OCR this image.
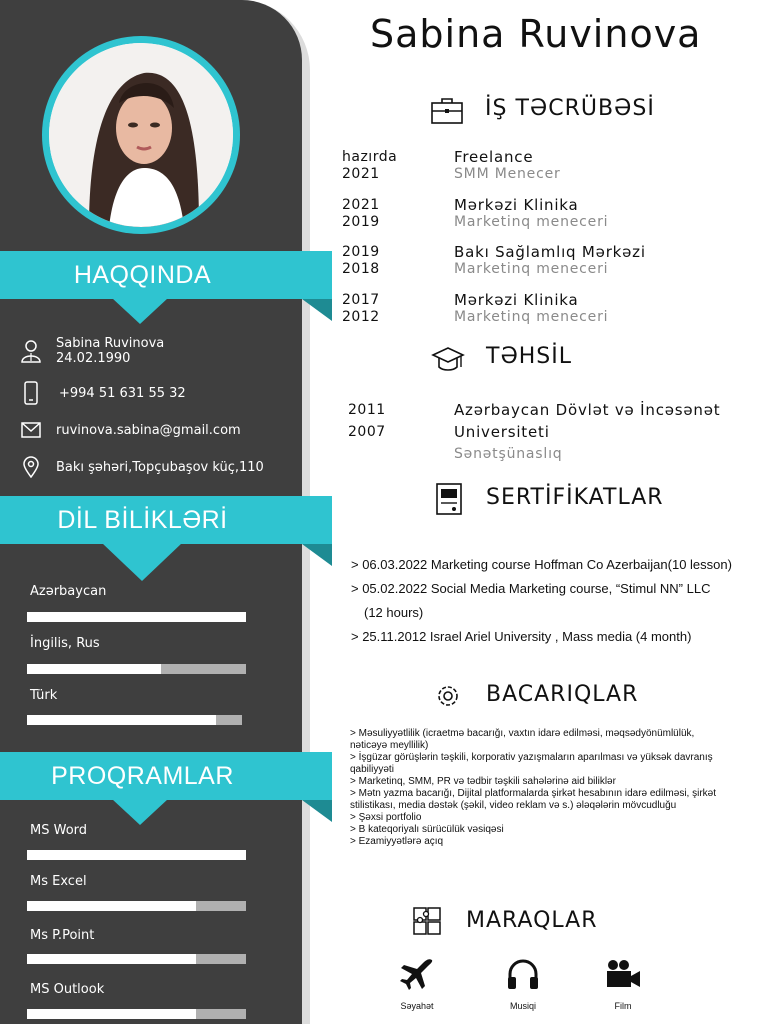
HAQQINDA
Sabina Ruvinova
24.02.1990
+994 51 631 55 32
ruvinova.sabina@gmail.com
Bakı şəhəri,Topçubaşov küç,110
DİL BİLİKLƏRİ
Azərbaycan
İngilis, Rus
Türk
PROQRAMLAR
MS Word
Ms Excel
Ms P.Point
MS Outlook
Sabina Ruvinova
İŞ TƏCRÜBƏSİ
hazırda
2021
Freelance
SMM Menecer
2021
2019
Mərkəzi Klinika
Marketinq meneceri
2019
2018
Bakı Sağlamlıq Mərkəzi
Marketinq meneceri
2017
2012
Mərkəzi Klinika
Marketinq meneceri
TƏHSİL
2011
2007
Azərbaycan Dövlət və İncəsənət
Universiteti
Sənətşünaslıq
SERTİFİKATLAR
> 06.03.2022 Marketing course Hoffman Co Azerbaijan(10 lesson)
> 05.02.2022 Social Media Marketing course, “Stimul NN” LLC
(12 hours)
> 25.11.2012 Israel Ariel University , Mass media (4 month)
BACARIQLAR
> Məsuliyyətlilik (icraetmə bacarığı, vaxtın idarə edilməsi, məqsədyönümlülük,
nəticəyə meyllilik)
> İşgüzar görüşlərin təşkili, korporativ yazışmaların aparılması və yüksək davranış
qabiliyyəti
> Marketinq, SMM, PR və tədbir təşkili sahələrinə aid biliklər
> Mətn yazma bacarığı, Dijital platformalarda şirkət hesabının idarə edilməsi, şirkət
stilistikası, media dəstək (şəkil, video reklam və s.) ələqələrin mövcudluğu
> Şəxsi portfolio
> B kateqoriyalı sürücülük vəsiqəsi
> Ezamiyyətlərə açıq
MARAQLAR
Səyahət	Musiqi	Film
